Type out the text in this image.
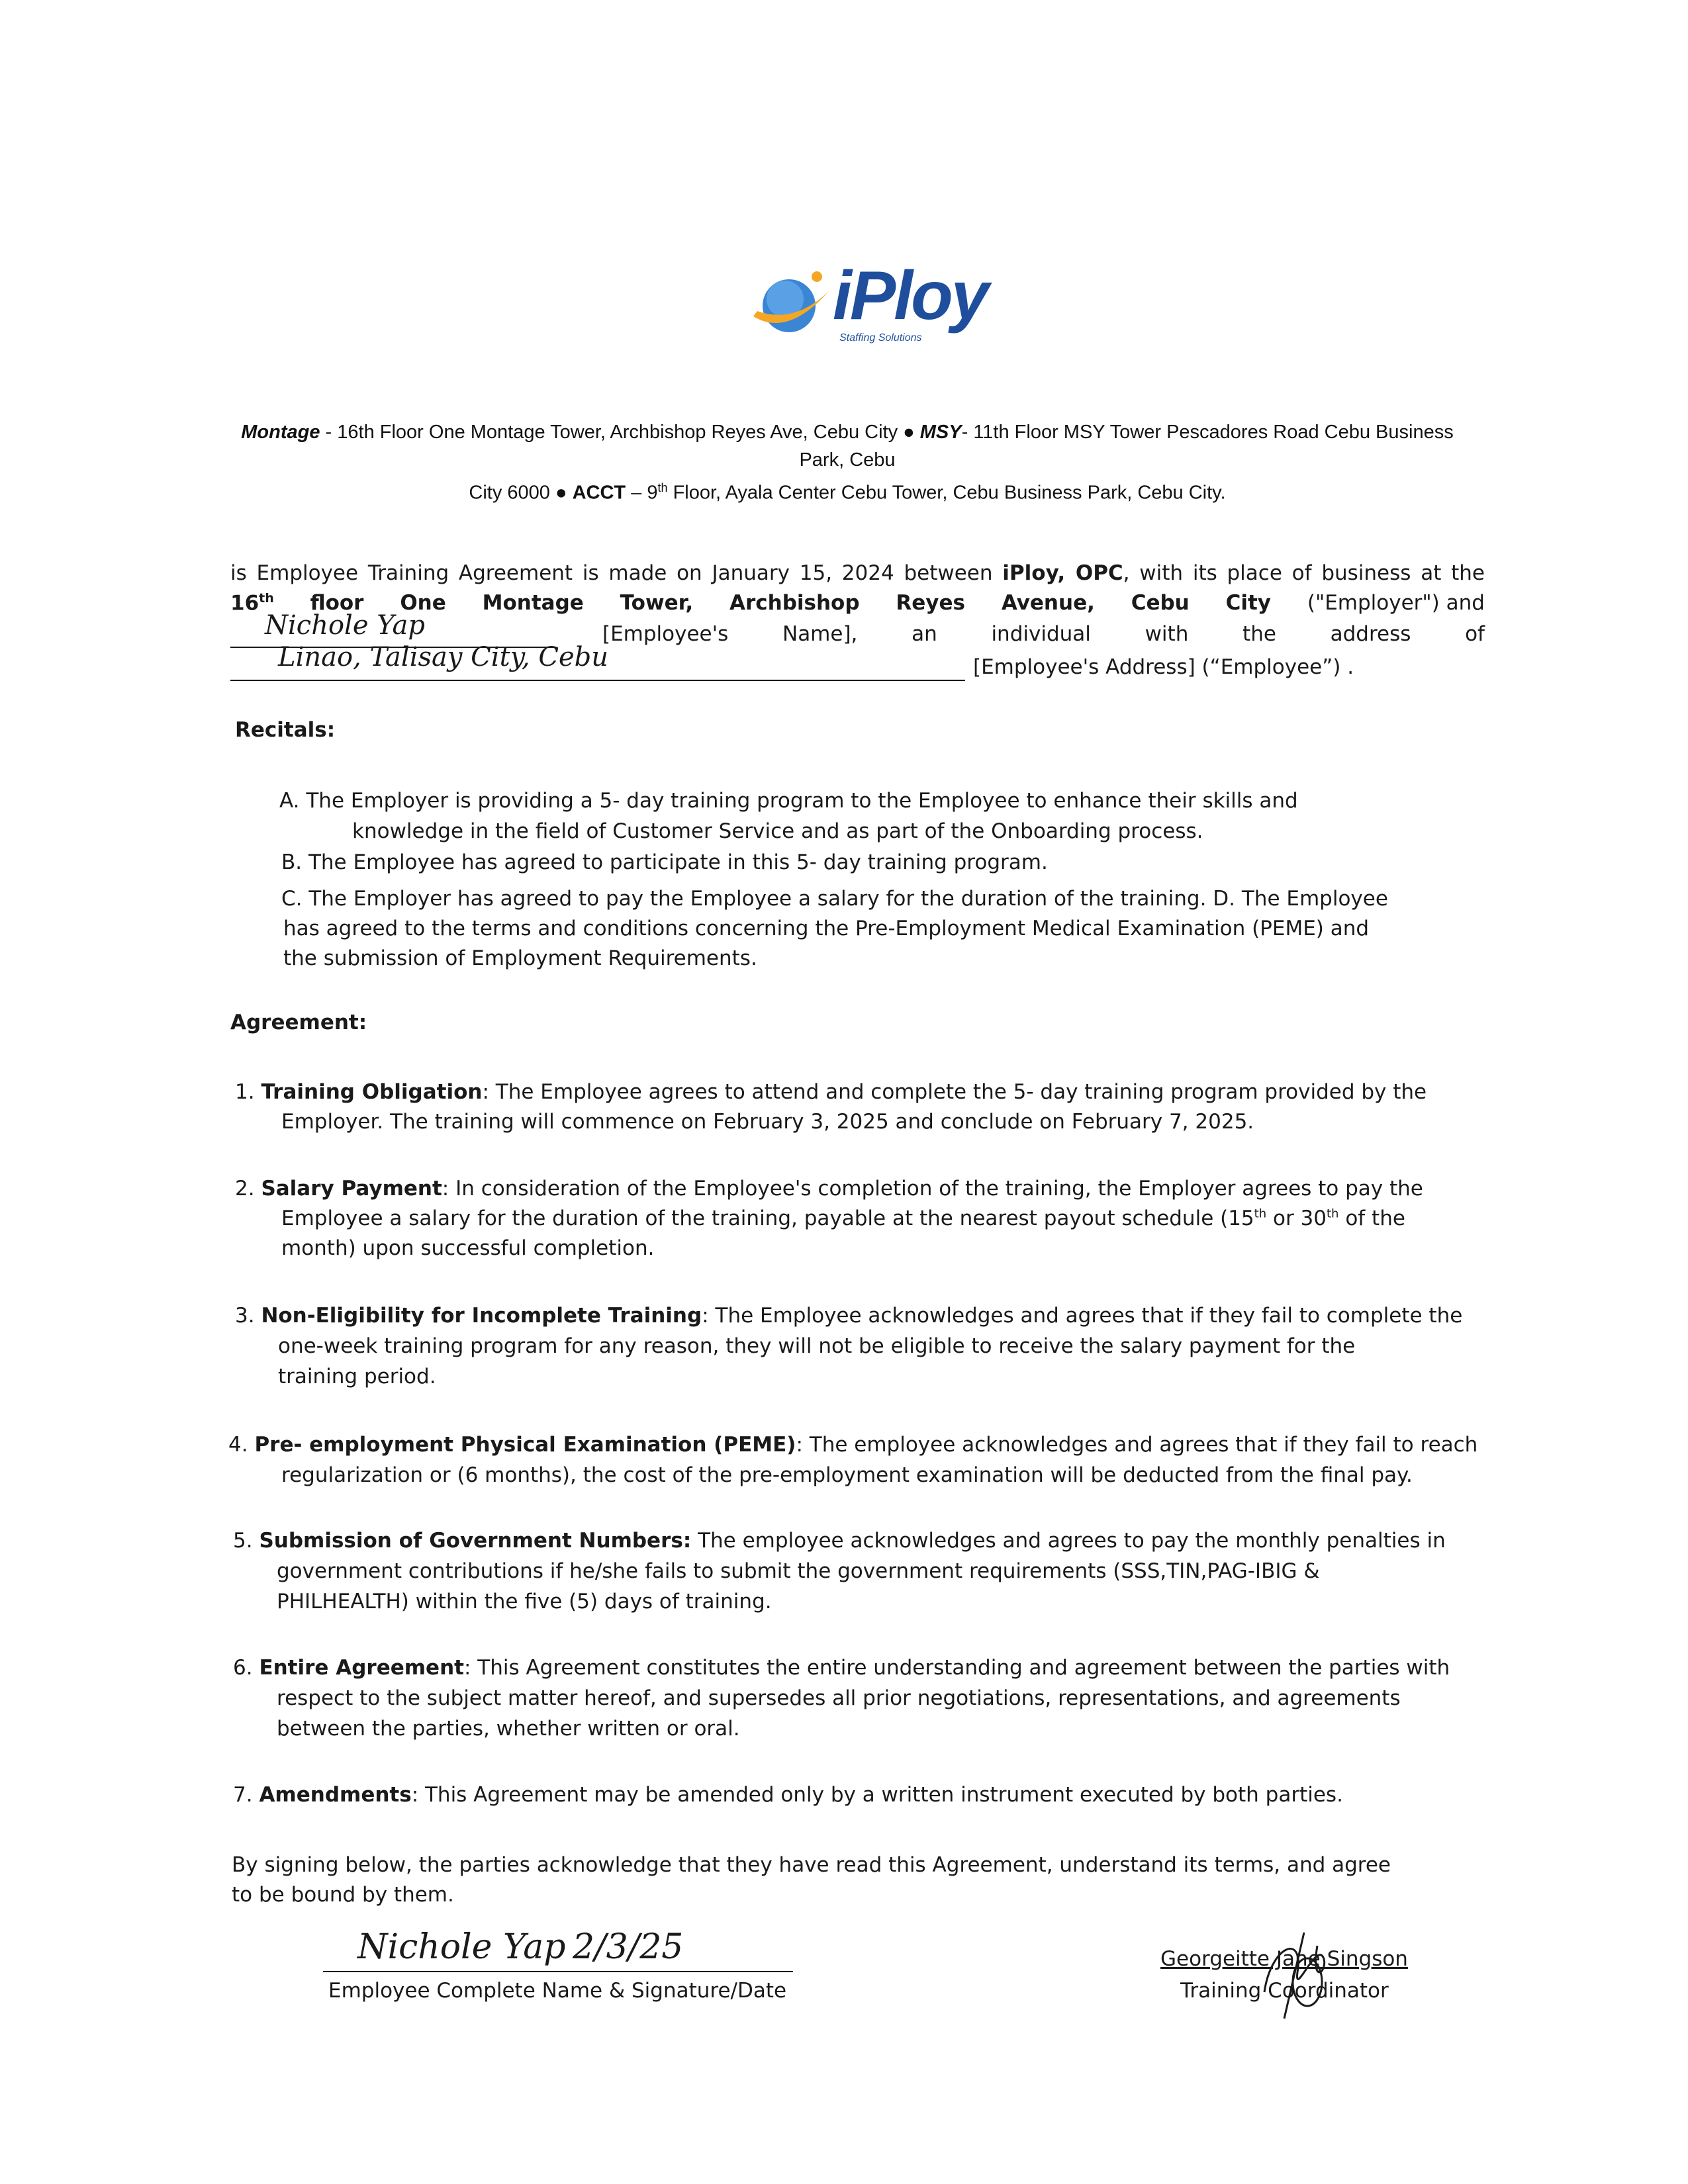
iPloy
Staffing Solutions
Montage - 16th Floor One Montage Tower, Archbishop Reyes Ave, Cebu City ● MSY- 11th Floor MSY Tower Pescadores Road Cebu Business Park, Cebu
City 6000 ● ACCT – 9th Floor, Ayala Center Cebu Tower, Cebu Business Park, Cebu City.
is Employee Training Agreement is made on January 15, 2024 between iPloy, OPC, with its place of business at the
16th floor One Montage Tower, Archbishop Reyes Avenue, Cebu City ("Employer") and
Nichole Yap	[Employee's	Name],	an	individual	with	the	address	of
Linao, Talisay City, Cebu	[Employee's Address] (“Employee”) .
Recitals:
A. The Employer is providing a 5- day training program to the Employee to enhance their skills and
knowledge in the field of Customer Service and as part of the Onboarding process.
B. The Employee has agreed to participate in this 5- day training program.
C. The Employer has agreed to pay the Employee a salary for the duration of the training. D. The Employee
has agreed to the terms and conditions concerning the Pre-Employment Medical Examination (PEME) and
the submission of Employment Requirements.
Agreement:
1. Training Obligation: The Employee agrees to attend and complete the 5- day training program provided by the
Employer. The training will commence on February 3, 2025 and conclude on February 7, 2025.
2. Salary Payment: In consideration of the Employee's completion of the training, the Employer agrees to pay the
Employee a salary for the duration of the training, payable at the nearest payout schedule (15th or 30th of the
month) upon successful completion.
3. Non-Eligibility for Incomplete Training: The Employee acknowledges and agrees that if they fail to complete the
one-week training program for any reason, they will not be eligible to receive the salary payment for the
training period.
4. Pre- employment Physical Examination (PEME): The employee acknowledges and agrees that if they fail to reach
regularization or (6 months), the cost of the pre-employment examination will be deducted from the final pay.
5. Submission of Government Numbers: The employee acknowledges and agrees to pay the monthly penalties in
government contributions if he/she fails to submit the government requirements (SSS,TIN,PAG-IBIG &
PHILHEALTH) within the five (5) days of training.
6. Entire Agreement: This Agreement constitutes the entire understanding and agreement between the parties with
respect to the subject matter hereof, and supersedes all prior negotiations, representations, and agreements
between the parties, whether written or oral.
7. Amendments: This Agreement may be amended only by a written instrument executed by both parties.
By signing below, the parties acknowledge that they have read this Agreement, understand its terms, and agree
to be bound by them.
Nichole Yap 2/3/25
Employee Complete Name & Signature/Date
Georgeitte Jane Singson
Training Coordinator
